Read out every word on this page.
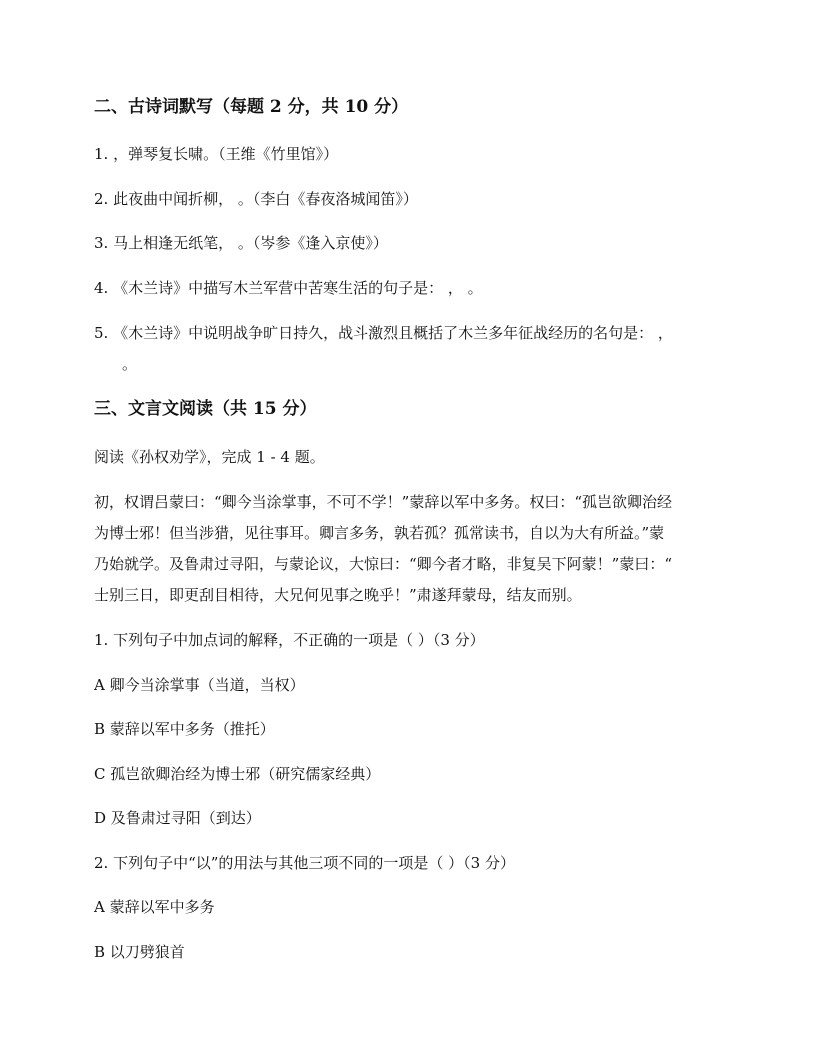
二、古诗词默写（每题 2 分，共 10 分）
1. ，弹琴复长啸。（王维《竹里馆》）
2. 此夜曲中闻折柳， 。（李白《春夜洛城闻笛》）
3. 马上相逢无纸笔， 。（岑参《逢入京使》）
4. 《木兰诗》中描写木兰军营中苦寒生活的句子是： ， 。
5. 《木兰诗》中说明战争旷日持久，战斗激烈且概括了木兰多年征战经历的名句是： ，
。
三、文言文阅读（共 15 分）
阅读《孙权劝学》，完成 1 - 4 题。
初，权谓吕蒙曰：“卿今当涂掌事，不可不学！”蒙辞以军中多务。权曰：“孤岂欲卿治经
为博士邪！但当涉猎，见往事耳。卿言多务，孰若孤？孤常读书，自以为大有所益。”蒙
乃始就学。及鲁肃过寻阳，与蒙论议，大惊曰：“卿今者才略，非复吴下阿蒙！”蒙曰：“
士别三日，即更刮目相待，大兄何见事之晚乎！”肃遂拜蒙母，结友而别。
1. 下列句子中加点词的解释，不正确的一项是（ ）（3 分）
A 卿今当涂掌事（当道，当权）
B 蒙辞以军中多务（推托）
C 孤岂欲卿治经为博士邪（研究儒家经典）
D 及鲁肃过寻阳（到达）
2. 下列句子中“以”的用法与其他三项不同的一项是（ ）（3 分）
A 蒙辞以军中多务
B 以刀劈狼首
